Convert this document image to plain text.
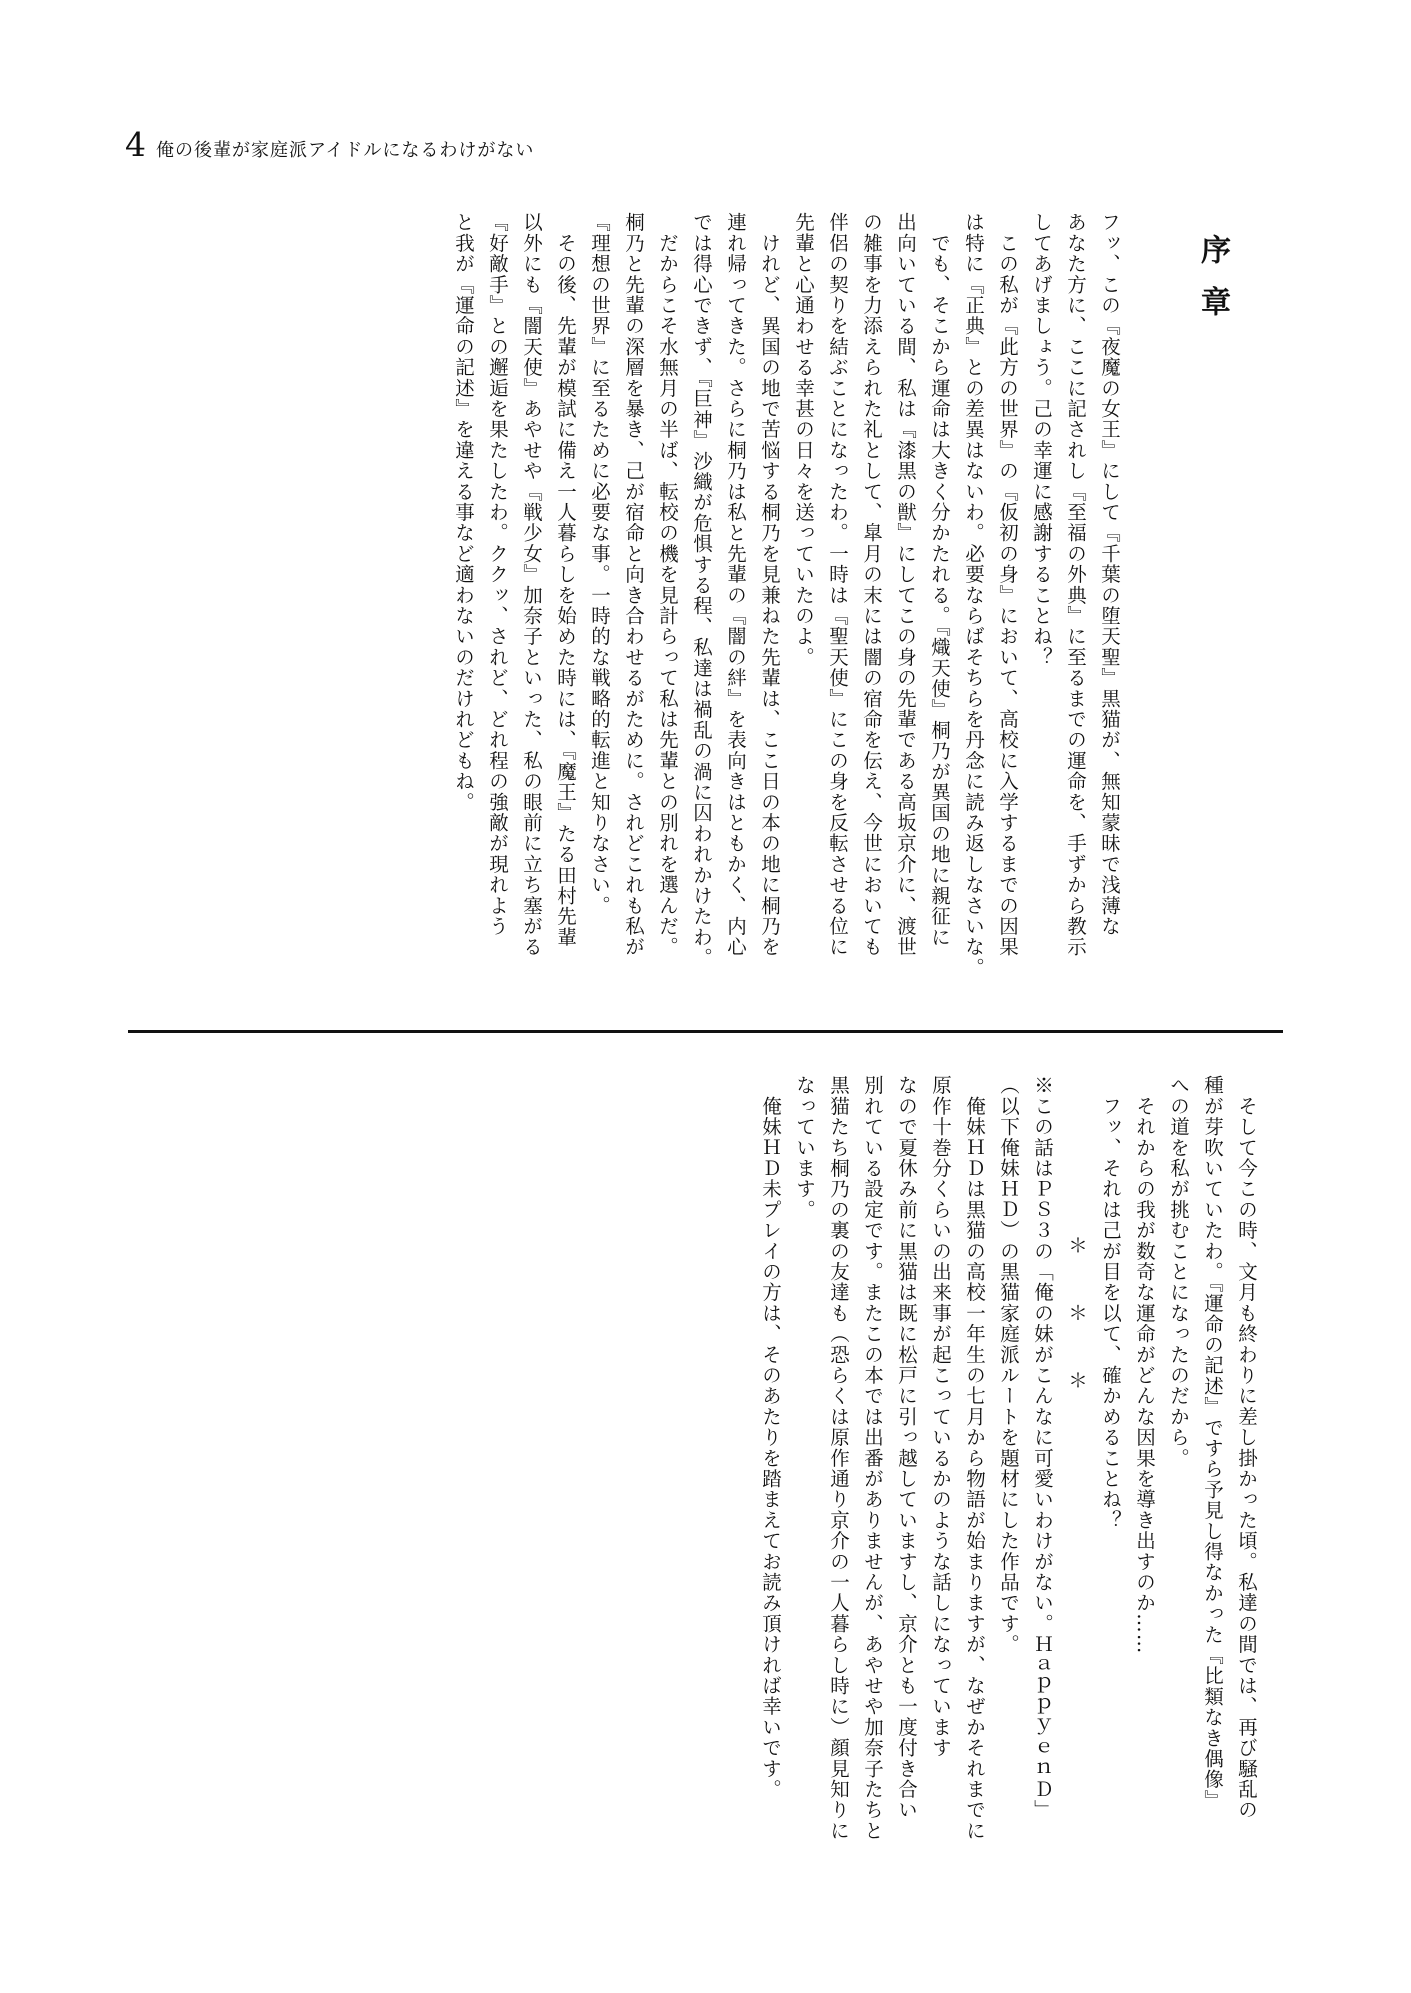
4 俺の後輩が家庭派アイドルになるわけがない
序章

フッ、この『夜魔の女王』にして『千葉の堕天聖』黒猫が、無知蒙昧で浅薄な

あなた方に、ここに記されし『至福の外典』に至るまでの運命を、手ずから教示

してあげましょう。己の幸運に感謝することね？

　この私が『此方の世界』の『仮初の身』において、高校に入学するまでの因果

は特に『正典』との差異はないわ。必要ならばそちらを丹念に読み返しなさいな。

　でも、そこから運命は大きく分かたれる。『熾天使』桐乃が異国の地に親征に

出向いている間、私は『漆黒の獣』にしてこの身の先輩である高坂京介に、渡世

の雑事を力添えられた礼として、皐月の末には闇の宿命を伝え、今世においても

伴侶の契りを結ぶことになったわ。一時は『聖天使』にこの身を反転させる位に

先輩と心通わせる幸甚の日々を送っていたのよ。

　けれど、異国の地で苦悩する桐乃を見兼ねた先輩は、ここ日の本の地に桐乃を

連れ帰ってきた。さらに桐乃は私と先輩の『闇の絆』を表向きはともかく、内心

では得心できず、『巨神』沙織が危惧する程、私達は禍乱の渦に囚われかけたわ。

　だからこそ水無月の半ば、転校の機を見計らって私は先輩との別れを選んだ。

桐乃と先輩の深層を暴き、己が宿命と向き合わせるがために。されどこれも私が

『理想の世界』に至るために必要な事。一時的な戦略的転進と知りなさい。

　その後、先輩が模試に備え一人暮らしを始めた時には、『魔王』たる田村先輩

以外にも『闇天使』あやせや『戦少女』加奈子といった、私の眼前に立ち塞がる

『好敵手』との邂逅を果たしたわ。ククッ、されど、どれ程の強敵が現れよう

と我が『運命の記述』を違える事など適わないのだけれどもね。

　そして今この時、文月も終わりに差し掛かった頃。私達の間では、再び騒乱の

種が芽吹いていたわ。『運命の記述』ですら予見し得なかった『比類なき偶像』

への道を私が挑むことになったのだから。

　それからの我が数奇な運命がどんな因果を導き出すのか……

　フッ、それは己が目を以て、確かめることね？

＊＊＊

※この話はＰＳ３の「俺の妹がこんなに可愛いわけがない。ＨａｐｐｙｅｎＤ」

（以下俺妹ＨＤ）の黒猫家庭派ルートを題材にした作品です。

　俺妹ＨＤは黒猫の高校一年生の七月から物語が始まりますが、なぜかそれまでに

原作十巻分くらいの出来事が起こっているかのような話しになっています

なので夏休み前に黒猫は既に松戸に引っ越していますし、京介とも一度付き合い

別れている設定です。またこの本では出番がありませんが、あやせや加奈子たちと

黒猫たち桐乃の裏の友達も（恐らくは原作通り京介の一人暮らし時に）顔見知りに

なっています。

　俺妹ＨＤ未プレイの方は、そのあたりを踏まえてお読み頂ければ幸いです。
